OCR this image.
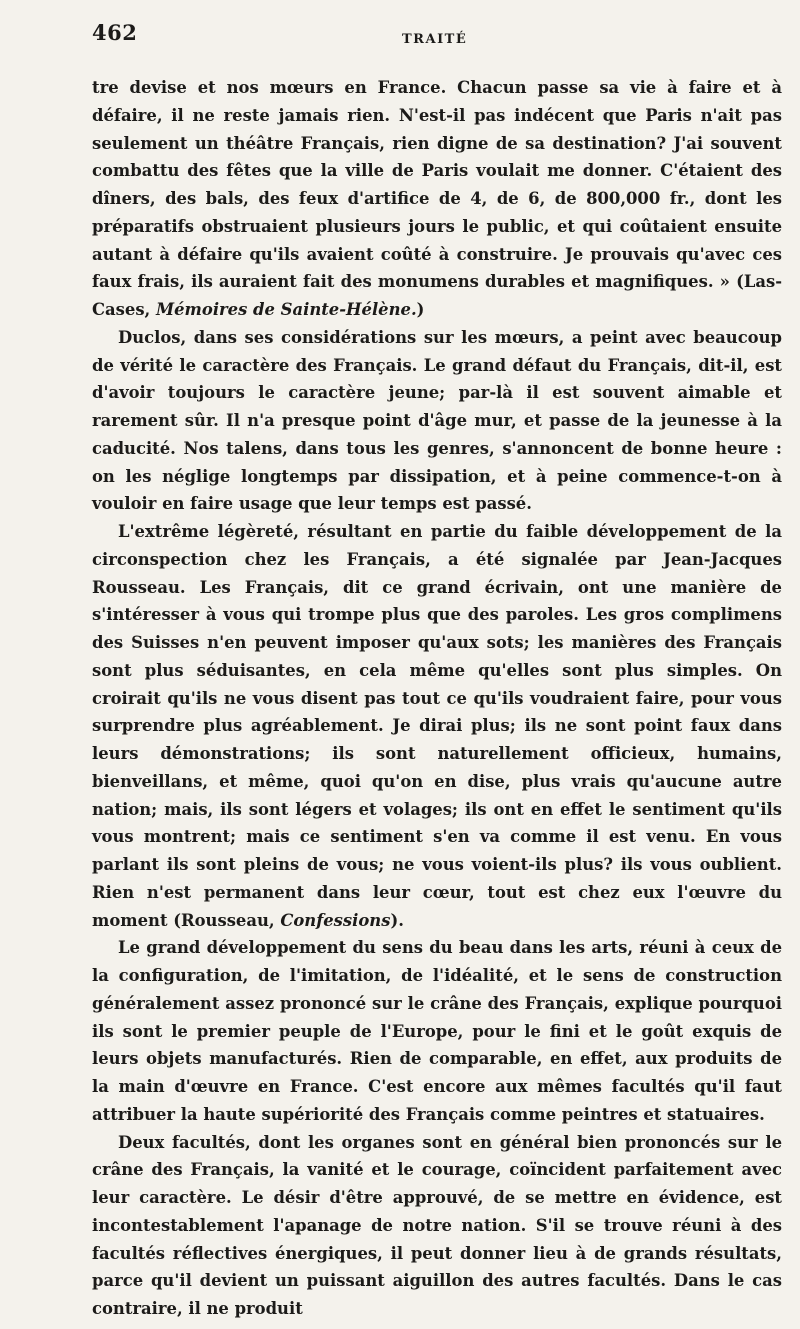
462	TRAITÉ

tre devise et nos mœurs en France. Chacun passe sa vie à faire et à défaire, il ne reste jamais rien. N'est-il pas indécent que Paris n'ait pas seulement un théâtre Français, rien digne de sa destination? J'ai souvent combattu des fêtes que la ville de Paris voulait me donner. C'étaient des dîners, des bals, des feux d'artifice de 4, de 6, de 800,000 fr., dont les préparatifs obstruaient plusieurs jours le public, et qui coûtaient ensuite autant à défaire qu'ils avaient coûté à construire. Je prouvais qu'avec ces faux frais, ils auraient fait des monumens durables et magnifiques. » (Las-Cases, Mémoires de Sainte-Hélène.)

Duclos, dans ses considérations sur les mœurs, a peint avec beaucoup de vérité le caractère des Français. Le grand défaut du Français, dit-il, est d'avoir toujours le caractère jeune; par-là il est souvent aimable et rarement sûr. Il n'a presque point d'âge mur, et passe de la jeunesse à la caducité. Nos talens, dans tous les genres, s'annoncent de bonne heure : on les néglige longtemps par dissipation, et à peine commence-t-on à vouloir en faire usage que leur temps est passé.

L'extrême légèreté, résultant en partie du faible développement de la circonspection chez les Français, a été signalée par Jean-Jacques Rousseau. Les Français, dit ce grand écrivain, ont une manière de s'intéresser à vous qui trompe plus que des paroles. Les gros complimens des Suisses n'en peuvent imposer qu'aux sots; les manières des Français sont plus séduisantes, en cela même qu'elles sont plus simples. On croirait qu'ils ne vous disent pas tout ce qu'ils voudraient faire, pour vous surprendre plus agréablement. Je dirai plus; ils ne sont point faux dans leurs démonstrations; ils sont naturellement officieux, humains, bienveillans, et même, quoi qu'on en dise, plus vrais qu'aucune autre nation; mais, ils sont légers et volages; ils ont en effet le sentiment qu'ils vous montrent; mais ce sentiment s'en va comme il est venu. En vous parlant ils sont pleins de vous; ne vous voient-ils plus? ils vous oublient. Rien n'est permanent dans leur cœur, tout est chez eux l'œuvre du moment (Rousseau, Confessions).

Le grand développement du sens du beau dans les arts, réuni à ceux de la configuration, de l'imitation, de l'idéalité, et le sens de construction généralement assez prononcé sur le crâne des Français, explique pourquoi ils sont le premier peuple de l'Europe, pour le fini et le goût exquis de leurs objets manufacturés. Rien de comparable, en effet, aux produits de la main d'œuvre en France. C'est encore aux mêmes facultés qu'il faut attribuer la haute supériorité des Français comme peintres et statuaires.

Deux facultés, dont les organes sont en général bien prononcés sur le crâne des Français, la vanité et le courage, coïncident parfaitement avec leur caractère. Le désir d'être approuvé, de se mettre en évidence, est incontestablement l'apanage de notre nation. S'il se trouve réuni à des facultés réflectives énergiques, il peut donner lieu à de grands résultats, parce qu'il devient un puissant aiguillon des autres facultés. Dans le cas contraire, il ne produit
